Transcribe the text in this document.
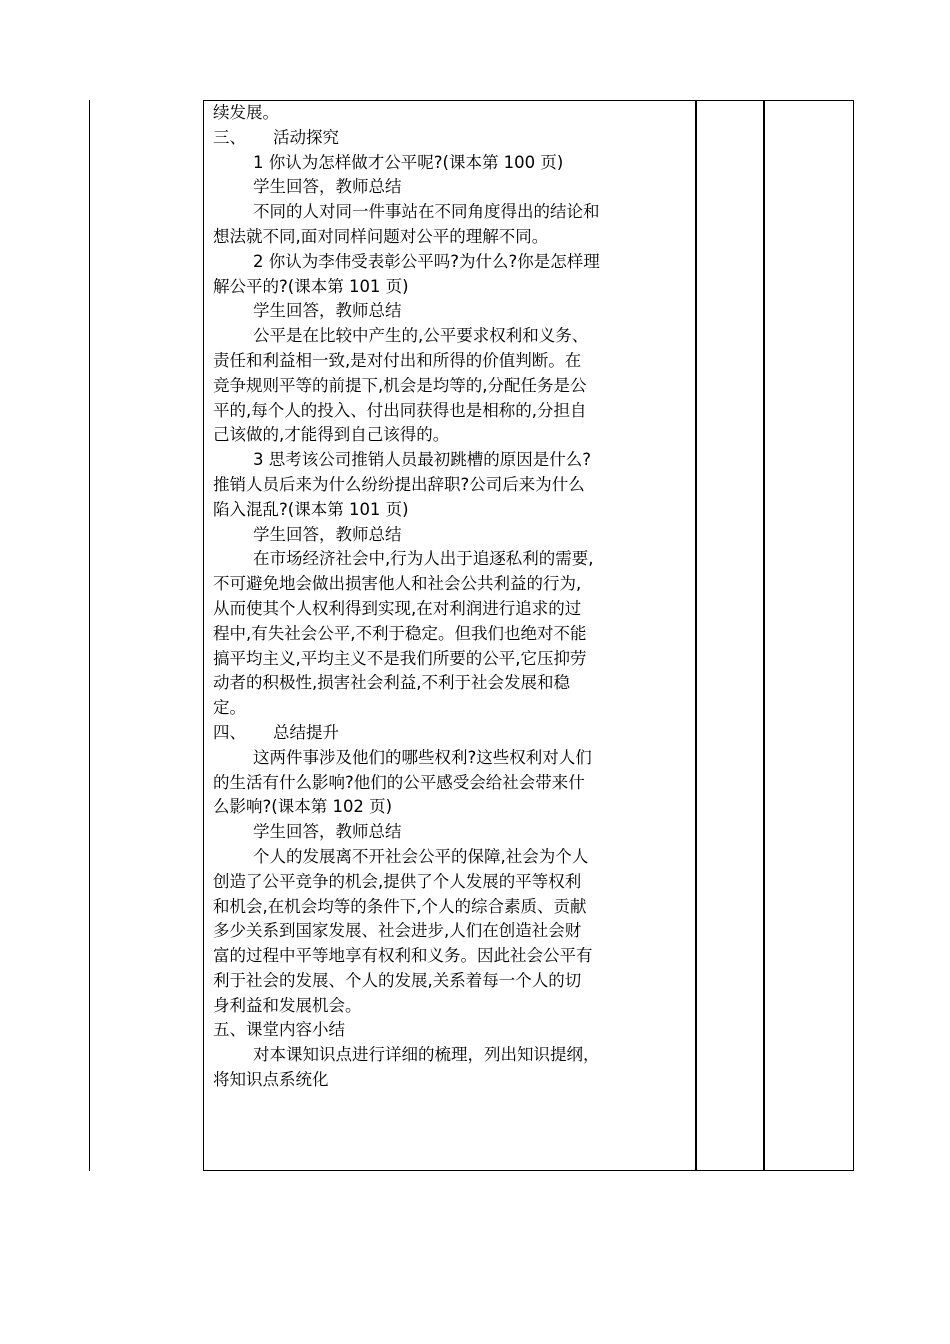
续发展。

三、 活动探究

1 你认为怎样做才公平呢?(课本第 100 页)

学生回答，教师总结

不同的人对同一件事站在不同角度得出的结论和

想法就不同,面对同样问题对公平的理解不同。

2 你认为李伟受表彰公平吗?为什么?你是怎样理

解公平的?(课本第 101 页)

学生回答，教师总结

公平是在比较中产生的,公平要求权利和义务、

责任和利益相一致,是对付出和所得的价值判断。在

竞争规则平等的前提下,机会是均等的,分配任务是公

平的,每个人的投入、付出同获得也是相称的,分担自

己该做的,才能得到自己该得的。

3 思考该公司推销人员最初跳槽的原因是什么?

推销人员后来为什么纷纷提出辞职?公司后来为什么

陷入混乱?(课本第 101 页)

学生回答，教师总结

在市场经济社会中,行为人出于追逐私利的需要,

不可避免地会做出损害他人和社会公共利益的行为,

从而使其个人权利得到实现,在对利润进行追求的过

程中,有失社会公平,不利于稳定。但我们也绝对不能

搞平均主义,平均主义不是我们所要的公平,它压抑劳

动者的积极性,损害社会利益,不利于社会发展和稳

定。

四、 总结提升

这两件事涉及他们的哪些权利?这些权利对人们

的生活有什么影响?他们的公平感受会给社会带来什

么影响?(课本第 102 页)

学生回答，教师总结

个人的发展离不开社会公平的保障,社会为个人

创造了公平竞争的机会,提供了个人发展的平等权利

和机会,在机会均等的条件下,个人的综合素质、贡献

多少关系到国家发展、社会进步,人们在创造社会财

富的过程中平等地享有权利和义务。因此社会公平有

利于社会的发展、个人的发展,关系着每一个人的切

身利益和发展机会。

五、课堂内容小结

对本课知识点进行详细的梳理，列出知识提纲，

将知识点系统化
